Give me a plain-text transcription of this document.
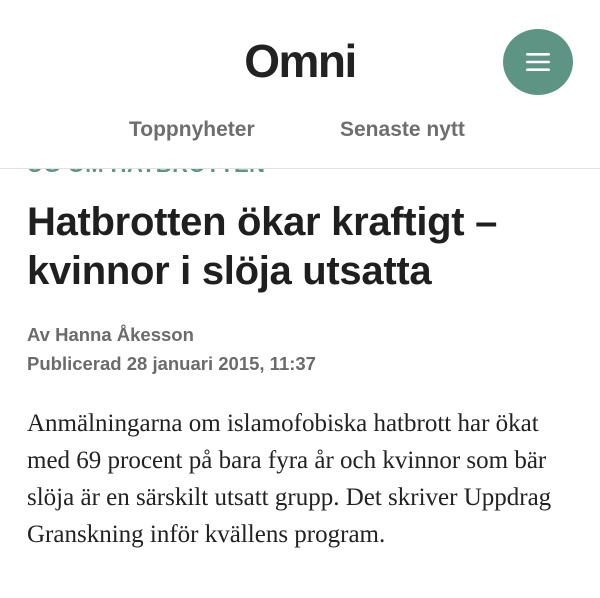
Omni
Toppnyheter	Senaste nytt
Hatbrotten ökar kraftigt – kvinnor i slöja utsatta
Av Hanna Åkesson
Publicerad 28 januari 2015, 11:37

Anmälningarna om islamofobiska hatbrott har ökat med 69 procent på bara fyra år och kvinnor som bär slöja är en särskilt utsatt grupp. Det skriver Uppdrag Granskning inför kvällens program.
